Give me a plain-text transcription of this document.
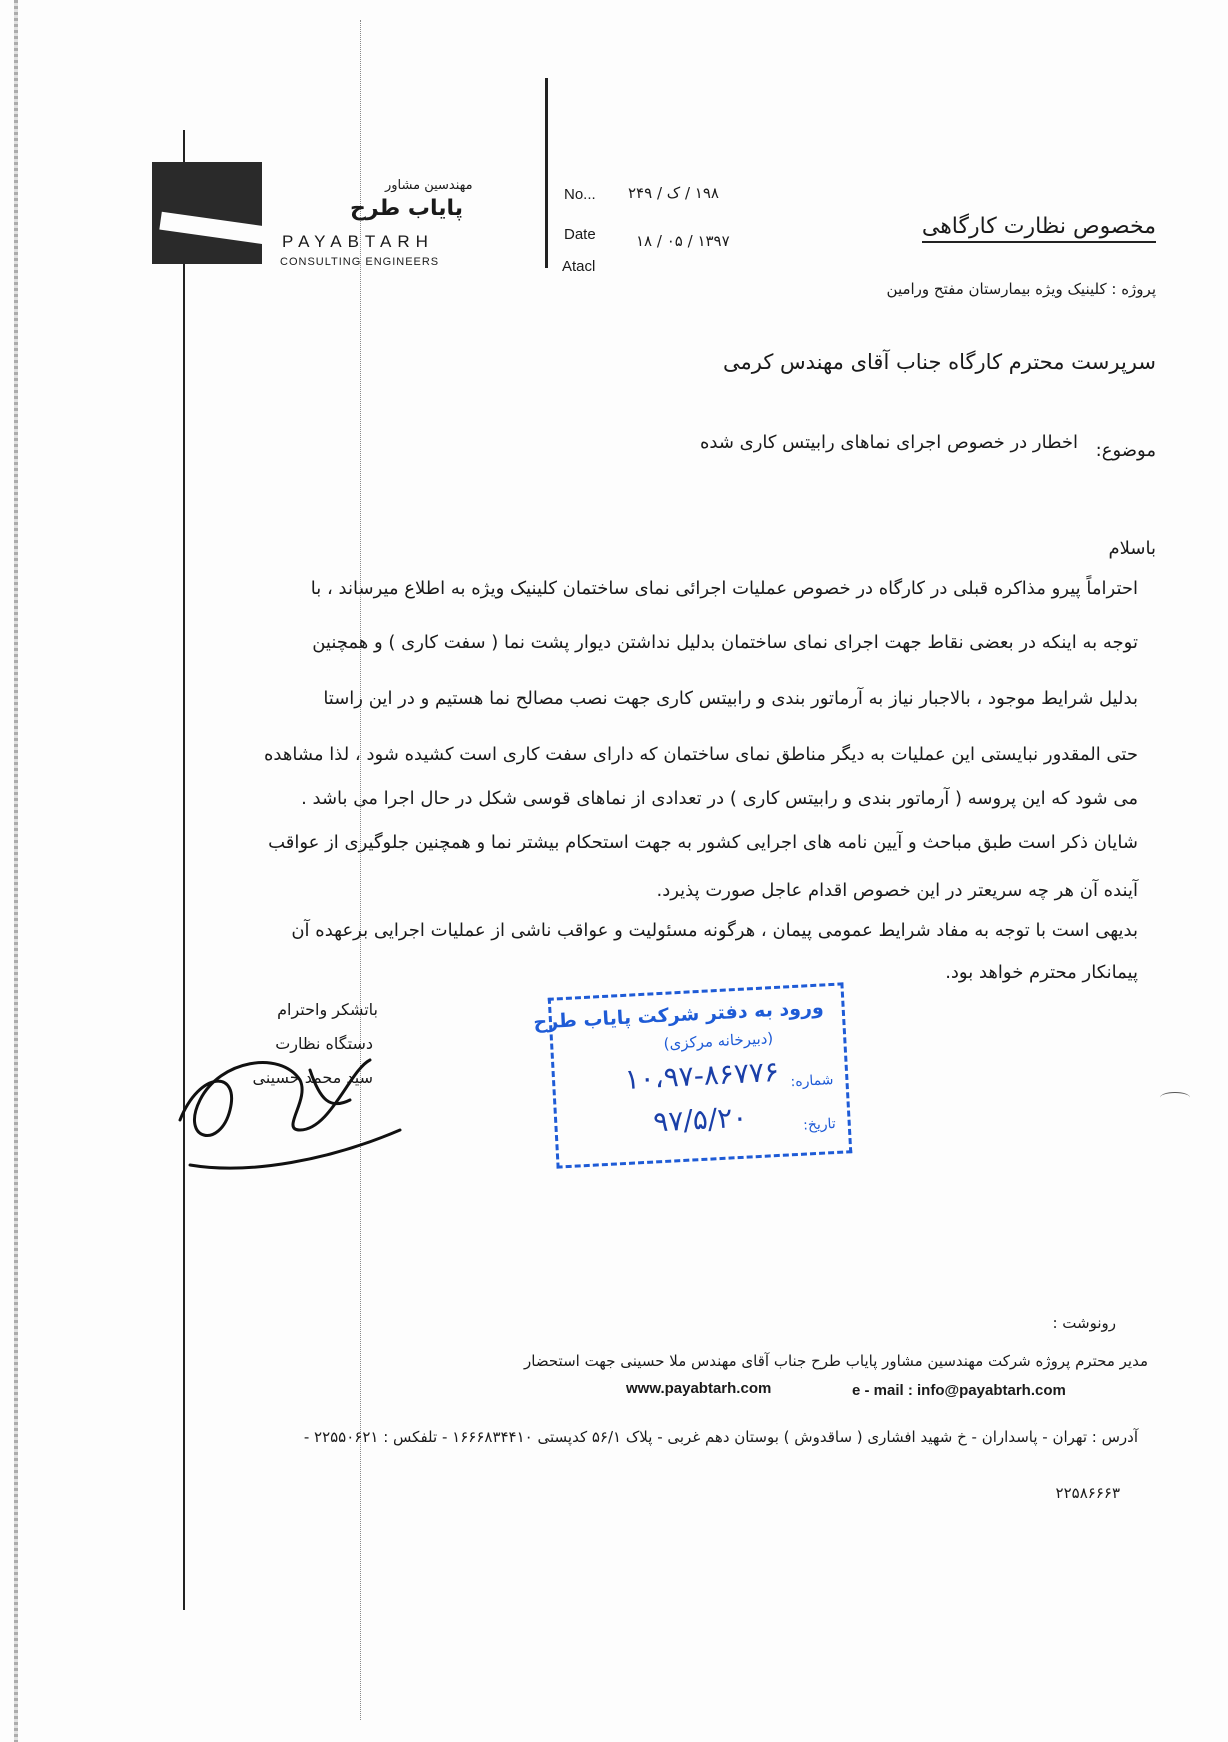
مهندسین مشاور
پایاب طرح
PAYABTARH
CONSULTING ENGINEERS
No... ۱۹۸ / ک / ۲۴۹
Date	۱۳۹۷ / ۰۵ / ۱۸
Atacl
مخصوص نظارت کارگاهی
پروژه : کلینیک ویژه بیمارستان مفتح ورامین
سرپرست محترم کارگاه جناب آقای مهندس کرمی
موضوع:
اخطار در خصوص اجرای نماهای رابیتس کاری شده
باسلام
احتراماً پیرو مذاکره قبلی در کارگاه در خصوص عملیات اجرائی نمای ساختمان کلینیک ویژه به اطلاع میرساند ، با
توجه به اینکه در بعضی نقاط جهت اجرای نمای ساختمان بدلیل نداشتن دیوار پشت نما ( سفت کاری ) و همچنین
بدلیل شرایط موجود ، بالاجبار نیاز به آرماتور بندی و رابیتس کاری جهت نصب مصالح نما هستیم و در این راستا
حتی المقدور نبایستی این عملیات به دیگر مناطق نمای ساختمان که دارای سفت کاری است کشیده شود ، لذا مشاهده
می شود که این پروسه ( آرماتور بندی و رابیتس کاری ) در تعدادی از نماهای قوسی شکل در حال اجرا می باشد .
شایان ذکر است طبق مباحث و آیین نامه های اجرایی کشور به جهت استحکام بیشتر نما و همچنین جلوگیری از عواقب
آینده آن هر چه سریعتر در این خصوص اقدام عاجل صورت پذیرد.
بدیهی است با توجه به مفاد شرایط عمومی پیمان ، هرگونه مسئولیت و عواقب ناشی از عملیات اجرایی برعهده آن
پیمانکار محترم خواهد بود.
باتشکر واحترام
دستگاه نظارت
سید محمد حسینی
ورود به دفتر شرکت پایاب طرح
(دبیرخانه مرکزی)
شماره:
۱۰،۹۷-۸۶۷۷۶
تاریخ:
۹۷/۵/۲۰
رونوشت :
مدیر محترم پروژه شرکت مهندسین مشاور پایاب طرح جناب آقای مهندس ملا حسینی جهت استحضار
www.payabtarh.com	e - mail : info@payabtarh.com
آدرس : تهران - پاسداران - خ شهید افشاری ( ساقدوش ) بوستان دهم غربی - پلاک ۵۶/۱ کدپستی ۱۶۶۶۸۳۴۴۱۰ - تلفکس : ۲۲۵۵۰۶۲۱ -
۲۲۵۸۶۶۶۳
